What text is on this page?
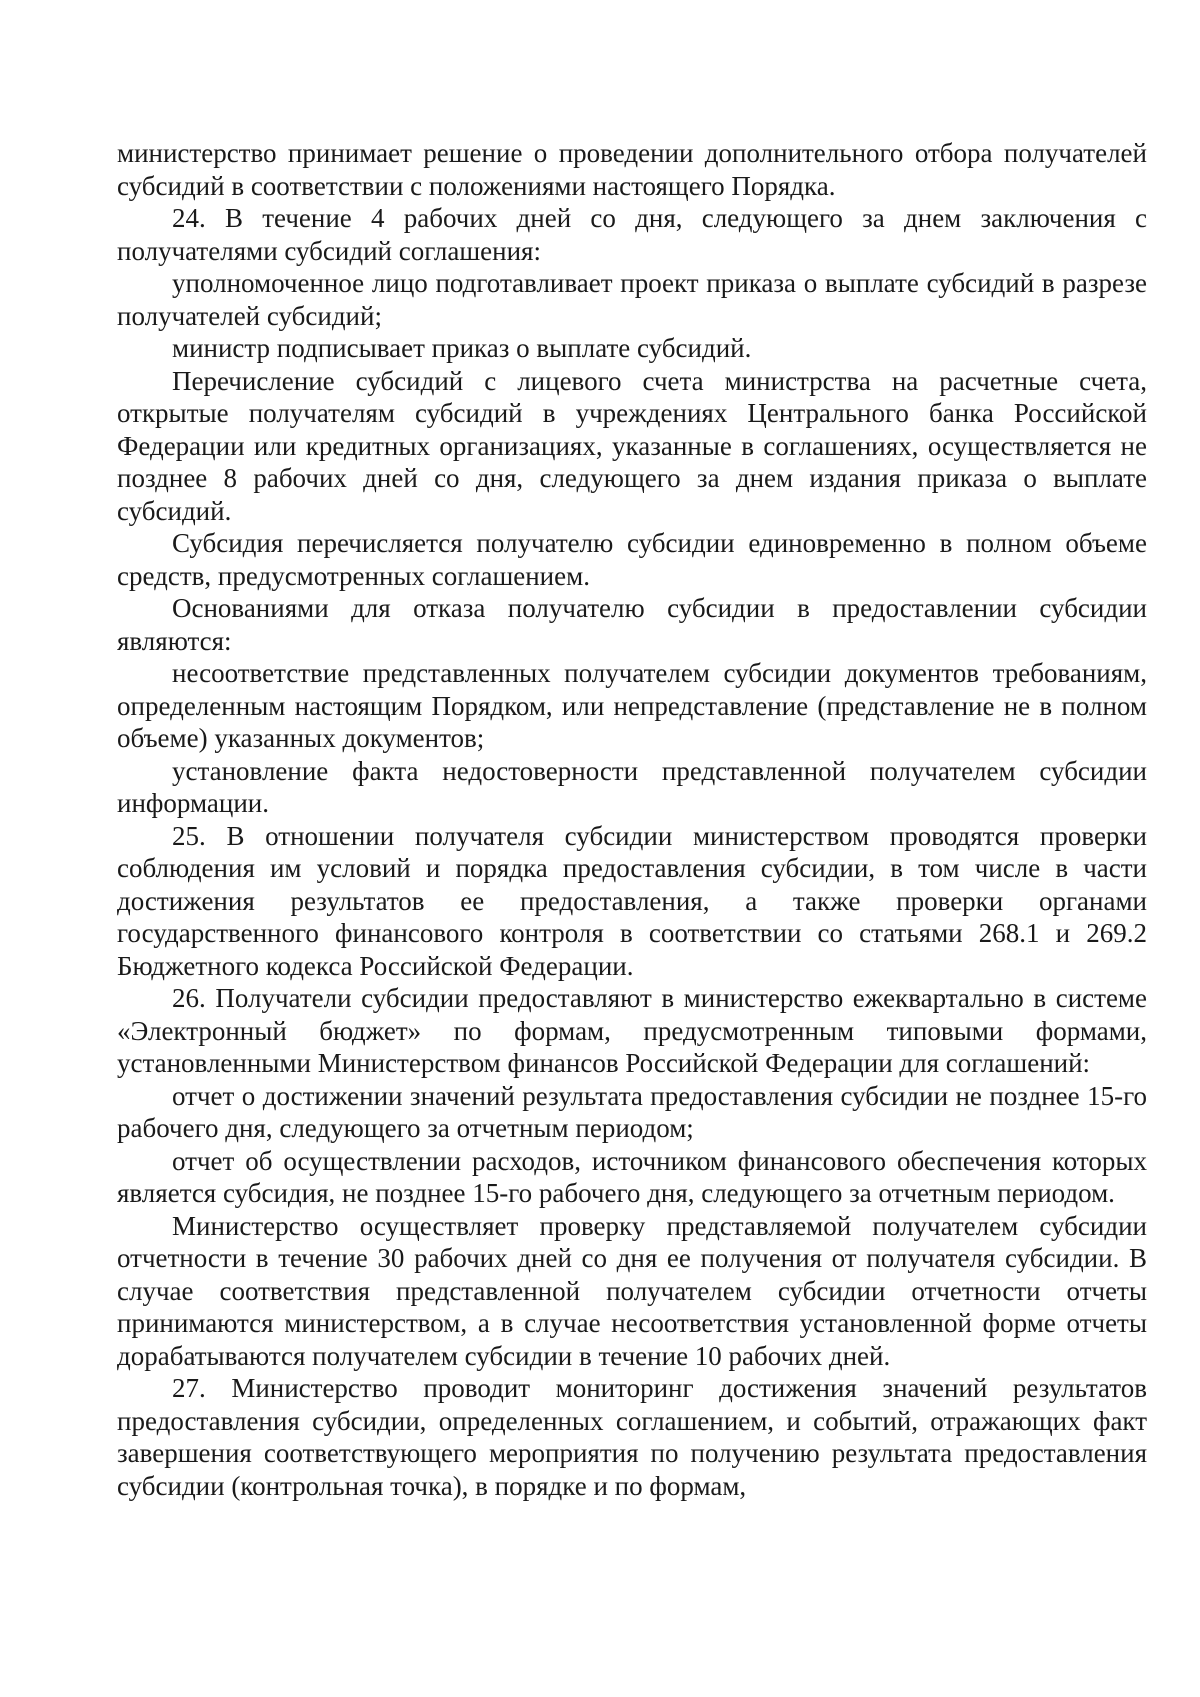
министерство принимает решение о проведении дополнительного отбора получателей субсидий в соответствии с положениями настоящего Порядка.

24. В течение 4 рабочих дней со дня, следующего за днем заключения с получателями субсидий соглашения:

уполномоченное лицо подготавливает проект приказа о выплате субсидий в разрезе получателей субсидий;

министр подписывает приказ о выплате субсидий.

Перечисление субсидий с лицевого счета министрства на расчетные счета, открытые получателям субсидий в учреждениях Центрального банка Российской Федерации или кредитных организациях, указанные в соглашениях, осуществляется не позднее 8 рабочих дней со дня, следующего за днем издания приказа о выплате субсидий.

Субсидия перечисляется получателю субсидии единовременно в полном объеме средств, предусмотренных соглашением.

Основаниями для отказа получателю субсидии в предоставлении субсидии являются:

несоответствие представленных получателем субсидии документов требованиям, определенным настоящим Порядком, или непредставление (представление не в полном объеме) указанных документов;

установление факта недостоверности представленной получателем субсидии информации.

25. В отношении получателя субсидии министерством проводятся проверки соблюдения им условий и порядка предоставления субсидии, в том числе в части достижения результатов ее предоставления, а также проверки органами государственного финансового контроля в соответствии со статьями 268.1 и 269.2 Бюджетного кодекса Российской Федерации.

26. Получатели субсидии предоставляют в министерство ежеквартально в системе «Электронный бюджет» по формам, предусмотренным типовыми формами, установленными Министерством финансов Российской Федерации для соглашений:

отчет о достижении значений результата предоставления субсидии не позднее 15-го рабочего дня, следующего за отчетным периодом;

отчет об осуществлении расходов, источником финансового обеспечения которых является субсидия, не позднее 15-го рабочего дня, следующего за отчетным периодом.

Министерство осуществляет проверку представляемой получателем субсидии отчетности в течение 30 рабочих дней со дня ее получения от получателя субсидии. В случае соответствия представленной получателем субсидии отчетности отчеты принимаются министерством, а в случае несоответствия установленной форме отчеты дорабатываются получателем субсидии в течение 10 рабочих дней.

27. Министерство проводит мониторинг достижения значений результатов предоставления субсидии, определенных соглашением, и событий, отражающих факт завершения соответствующего мероприятия по получению результата предоставления субсидии (контрольная точка), в порядке и по формам,
